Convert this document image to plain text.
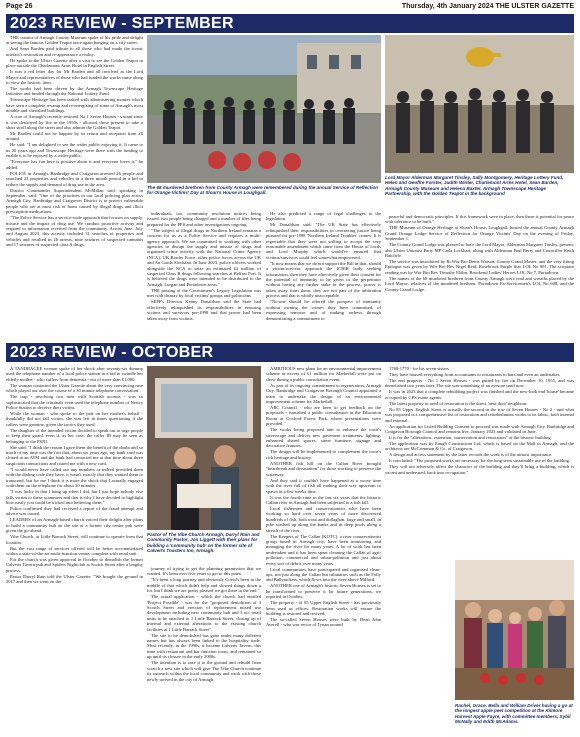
Page 26	Thursday, 4th January 2024 THE ULSTER GAZETTE
2023 REVIEW - SEPTEMBER

THE curator of Armagh County Museum spoke of his pride and delight at seeing the famous Golden Teapot once again hanging on a city street.

And Sean Barden paid tribute to all those who had made the iconic artefact's restoration and re-appearance a reality.

He spoke to the Ulster Gazette after a visit to see the Golden Teapot in place outside the Charlemont Arms Hotel in English Street.

It was a red letter day for Mr Barden and all involved as the Lord Mayor and representatives of those who had funded the works came along to view the historic item.

The works had been driven by the Armagh Townscape Heritage Initiative and funded through the National Lottery Fund.

Townscape Heritage has been tasked with administering monies which have seen a complete revamp and re-energising of some of Armagh's most notable and cherished buildings.

A core of Armagh's recently-restored No 1 Seven Houses - vacant since it was destroyed by fire in the 1950s - allowed those present to take a short stroll along the street and also admire the Golden Teapot.

Mr Barden could not be happier by its return and reception from all around.

He said: "I am delighted to see the wider public enjoying it. It came to us 20 years ago and Townscape Heritage were there with the funding to enable it to be enjoyed by a wider public.

"Everyone has fun here is positive about it and everyone loves it," he added.

POLICE in Armagh, Banbridge and Craigavon arrested 26 people and searched 23 properties and vehicles in a three month period in a bid to reduce the supply and demand of drug use in the area.

District Commander Superintendent McMillan said, speaking in September, said: "One of the priorities in our local policing plan across Armagh City, Banbridge and Craigavon District is to protect vulnerable people who are at most risk of harm caused by illegal drugs and illicit prescription medications.

"The Police Service has a service-wide approach that focuses on supply, misuse and the impact of drug use. We conduct proactive activity and respond to information received from the community. Across June, July and August 2023, this activity included 31 searches of properties and vehicles and resulted in 26 arrests, nine seizures of suspected cannabis and 17 seizures of suspected class A drugs.

The 68 murdered brethren from County Armagh were remembered during the annual Service of Reflection for Orange Victims' Day at Sloan's House in Loughgall.
Lord Mayor Alderman Margaret Tinsley, Sally Montgomery, Heritage Lottery Fund, Helen and Geoffre Forster, Judith Winter, Charlemont Arms Hotel, Sean Barden, Armagh County Museum and Helena Baxter, Armagh Townscape Heritage Partnership, with the Golden Teapot in the background

individuals, too, community resolution notices being issued, two people being charged and a number of files being prepared for the PPS and other investigations ongoing.

"The subject of illegal drugs in Northern Ireland remains a concern for us as a Police Service and requires a multi-agency approach. We are committed to working with other agencies to disrupt the supply and misuse of drugs and organised crime activity with the National Crime Agency (NCA), UK Border Force, other police forces across the UK and An Garda Síochána. In June 2023, police officers worked alongside the NCA to seize an estimated £2 million of suspected Class B drugs following searches at Belfast Port. It is believed the drugs were intended to be distributed to the Armagh, Lurgan and Portadown areas."

THE passing of the Government's Legacy Legislation was met with dismay by local victims' groups and politicians.

SEFF's Director Kenny Donaldson said the State had effectively relinquished its responsibilities in ensuring victims and survivors pre-1998 and that power had been taken away from victims.

He also predicted a range of legal challenges to the legislation.

Mr Donaldson said: "The UK State has effectively relinquished their responsibilities in overseeing justice being pursued for pre-1998 'Northern Ireland Troubles' crimes. It is regrettable that they were not willing to accept the very reasonable amendment which came from the House of Lords and Lord Murphy which would've ensured that victims/survivors could feel somewhat empowered.

"It now means that we do not support the Bill in that, should a victim/survivor approach the ICRIR body seeking information, then they have effectively given their consent for the potential of immunity to be given to the perpetrator without having any further stake in the process, power is taken away from them; they are not part of the arbitration process and that is wholly unacceptable.

"No-one should be offered the prospect of immunity without owning the crimes they have committed, of expressing remorse and of making redress through demonstrating a commitment to

peaceful and democratic principles. If this framework were in place, then there is potential for peace with tolerance to be built."

THE Museum of Orange Heritage at Sloan's House, Loughgall, hosted the annual County Armagh Grand Orange Lodge Service of Reflection for Orange Victims' Day on the evening of Friday, September 1.

The County Grand Lodge was pleased to have the Lord Mayor, Alderman Margaret Tinsley, present; also Ulster Unionist Party MP Carla Lockhart; along with Alderman Paul Berry and Councillor Keith Ratcliffe.

The service was introduced by Rt Wor Bro Denis Watson, County Grand Master, and the very fitting Epilogue was given by Wor Bro Rev Nigel Reid, Rosebrook Purple Star LOL No 901. The scripture reading was by Wor Bro Rev Timothy Eldon, Brookend Ladies' Heroes LOL No 7, Portadown.

The names of the 68 murdered brethren from County Armagh were read and wreaths placed by the Lord Mayor, relatives of the murdered brethren, Portadown Ex-Servicemen's LOL No 608, and the County Grand Lodge.

2023 REVIEW - OCTOBER

A TANDRAGEE woman spoke of her shock after seventy-six dummy used the telephone number of a local police station in a bid to swindle her elderly mother - who suffers from dementia - out of more than £1,000.

The woman contacted the Ulster Gazette about the very convincing ruse which played out over the course of a 30 minute telephone conversation.

The trap - involving two men with Scottish accents - was so sophisticated that the criminals even used the telephone number of Newry Police Station to deceive their victim.

While the woman - who spoke to the pair on her mother's behalf - thankfully did not fall victim, she was left at times questioning if the callers were genuine, given the tactics they used.

The daughter of the intended victim decided to speak out to urge people to keep their guard, even if, as her case, the caller ID may be seen as belonging to the PSNI.

She said: "I think the reason I gave them the benefit of the doubt and so much of my time was the fact that, about six years ago, my bank card was cloned at an ATM and the bank had contacted me at that time about three suspicious transactions and issued me with a new card.

"I would never have called our any numbers or indeed provided them with the dialing code they have, it wasn't exactly that they wanted them to transcend, but for me I think it is more the shock that I actually engaged with them on the telephone for about 30 minutes.

"I was lucky in that I hung up when I did, but I just hope nobody else falls victim to these scammers and that is why I have decided to highlight how easily you could be tricked into believing them."

Police confirmed they had received a report of the fraud attempt and advice was issued.

LEADERS of an Armagh-based church voiced their delight after plans to build a community hub on the site of a former city centre pub were given the go-ahead.

Vibe Church, at Little Barrack Street, will continue to operate from that location.

But the vast range of services offered will be better accommodated within a state-of-the-art multi-function venue, complete with retail unit.

For the church was given approval in October to demolish the former Calverts Tavern pub and Spiders Nightclub at Scotch Street after a lengthy process.

Pastor Darryl Rain told the Ulster Gazette: "We bought the ground in 2017 and then we went on the

Pastor of The Vibe Church Armagh, Darryl Rain and Community Pastor, Jon Liggett with their plans for building a 'community hub' on the former site of Calverts Toasters Inn, Armagh.

journey of trying to get the planning permission that we wanted. It's been over five years to get to this point.

"It's been a long journey and obviously Covid's been in the middle of that which didn't help and slowed things down a lot, but I think we are pretty pleased we got there in the end."

The actual application - which the church had entitled 'Project Possible' - was for the "proposed demolition of 3 Scotch Street and erection of replacement mixed use development including new community hub and 3 no. retail units to be attached to 1 Little Barrack Street, closing up of internal and external alterations to the existing church facilities at 1 Little Barrack Street".

The site to be demolished has gone under many different names but has always been linked to the hospitality trade. Most recently, in the 1990s, it became Calverts Tavern, this time with restaurant and bar function room, and remained so up until its closure in the early 2000s.

The intention is to raze it to the ground and rebuild from scratch a new site which will give The Vibe Church continue its outreach within the local community and work with those newly-arrived in the city of Armagh.

AMBITIOUS new plans for an environmental improvement scheme in excess of £1 million for Markethill were put on show during a public consultation event.

As part of its ongoing commitment to regeneration, Armagh City, Banbridge and Craigavon Borough Council appointed a team to undertake the design of an environmental improvement scheme for Markethill.

ABC Council - who are keen to get feedback on the proposals - furnished a public consultation in the Education Room at Gosford Forest Park, where presentations were provided.

The works being proposed aim to enhance the town's streetscape and deliver new pavement treatments, lighting, enhanced shared spaces, street furniture, signage and decorative features.

The design will be implemented to complement the town's rich heritage and history.

ANOTHER fish hill on the Callan River brought "heartbreak and devastation" for those working to preserve the waterway.

And they said it couldn't have happened at a worse time with the river full of fish all making their way upstream to spawn in a few weeks time.

It was the fourth time in the last six years that the historic Callan river in Armagh had been subjected to a fish kill.

Local fishermen and conservationists who have been working so hard over seven years of more discovered hundreds of fish, both trout and dollaghan, large and small, in pike washed up along the banks and in deep pools along a stretch of the river.

The Keepers of The Callan (KOTC), a river conservationist group based in Armagh city, have been monitoring and managing the river for many years. A lot of work has been undertaken and it has been spent cleaning the Callan of agri-pollution, commercial and urban-pollution and just about every sort of debris over many years.

Local communities have participated and organised clean-ups, not just along the Callan but tributaries such as the Folly and Ballytuckets, which flows into the river above Milford.

ANOTHER one of Armagh's historic Seven Houses is set to be transformed to preserve it for future generations, we reported in October.

The property - of 85 Upper English Street - has previously been used as offices. Restoration works will ensure the building is restored and revived.

The so-called Seven Houses were built by Dean John Averell - who was rector of Tynan around

1768-1770 - for his seven sisters.

They have housed everything from accountants to restaurants to bars and even an undertaker.

The end property - No 1 Seven Houses - was gutted by fire on December 10, 1955, and was demolished two years later. The site was something of an eyesore until now.

It was in 2023 that a complete rebuilding project was finished and the new-look end 'house' became occupied by CPS estate agents.

The latest property in need of restoration is the direct 'next door' neighbour.

No 85 Upper English Street is actually the second in the row of Seven Houses - No 2 - and what was proposed is a comprehensive list of restoration and refurbishment works to its fabric, both internal and external.

An application for Listed Building Consent to proceed was made with Armagh City, Banbridge and Craigavon Borough Council and remains live, January 2023 and validated in June.

It is for the "alterations, extension, conservation and restoration" of the historic building.

The application was by Eaugh Construction Ltd, which is based on the Mall in Armagh, and the architects are McCrimmon & Co. of Craigavon.

A design and access statement by the latter records the work is of the utmost importance.

It concluded: "The proposed works are necessary for the long-term sustainable use of the building.

They will not adversely affect the character of the building and they'll bring a building, which is vacant and underused, back into occupation."

Rachel, Grace, Bella and William Driver having a go at the longest apple peel competition at the Kilmore Harvest Apple Fayre, with committee members, Sybil McNally and Edith McAdams.
